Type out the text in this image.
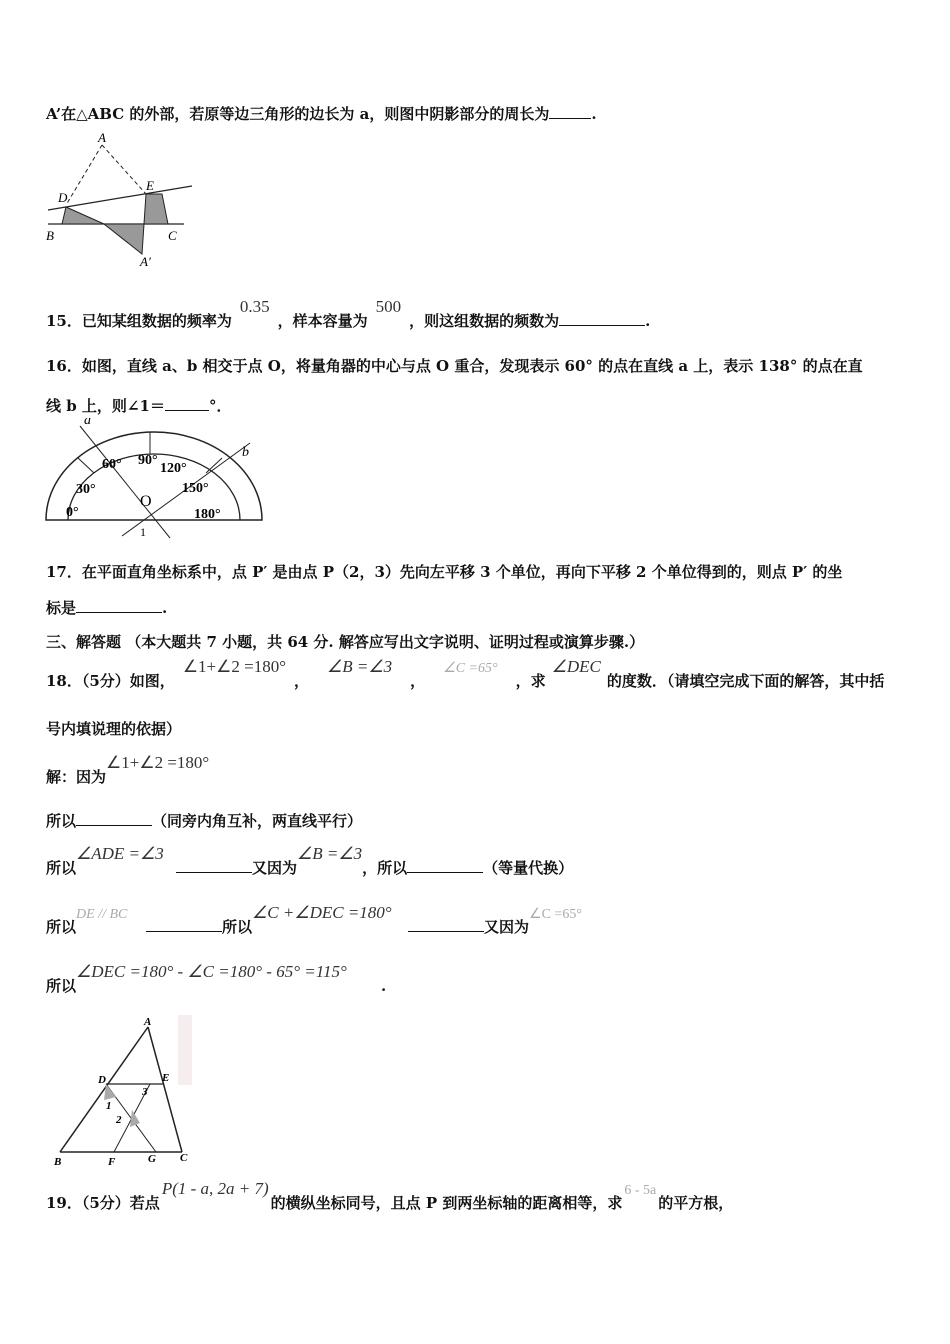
A’在△ABC 的外部，若原等边三角形的边长为 a，则图中阴影部分的周长为	.
A
D
E
B	C
A′
15．已知某组数据的频率为0.35，样本容量为500，则这组数据的频数为	.
16．如图，直线 a、b 相交于点 O，将量角器的中心与点 O 重合，发现表示 60° 的点在直线 a 上，表示 138° 的点在直
线 b 上，则∠1＝	°．
a
b
0°
30°
60° 90°
120°
150°
180°
O
1
17．在平面直角坐标系中，点 P′ 是由点 P（2，3）先向左平移 3 个单位，再向下平移 2 个单位得到的，则点 P′ 的坐
标是	.
三、解答题 （本大题共 7 小题，共 64 分. 解答应写出文字说明、证明过程或演算步骤.）
18．（5分）如图，∠1+∠2 =180°，∠B =∠3，∠C =65°，求∠DEC的度数．（请填空完成下面的解答，其中括
号内填说理的依据）
解：因为∠1+∠2 =180°
所以	（同旁内角互补，两直线平行）
所以∠ADE =∠3又因为∠B =∠3，所以	（等量代换）
所以DE // BC所以∠C +∠DEC =180°又因为∠C =65°
所以∠DEC =180° - ∠C =180° - 65° =115°.
A
D	E
3
1
2
B	F	G C
19．（5分）若点P(1 - a, 2a + 7)的横纵坐标同号，且点 P 到两坐标轴的距离相等，求6 - 5a的平方根，
